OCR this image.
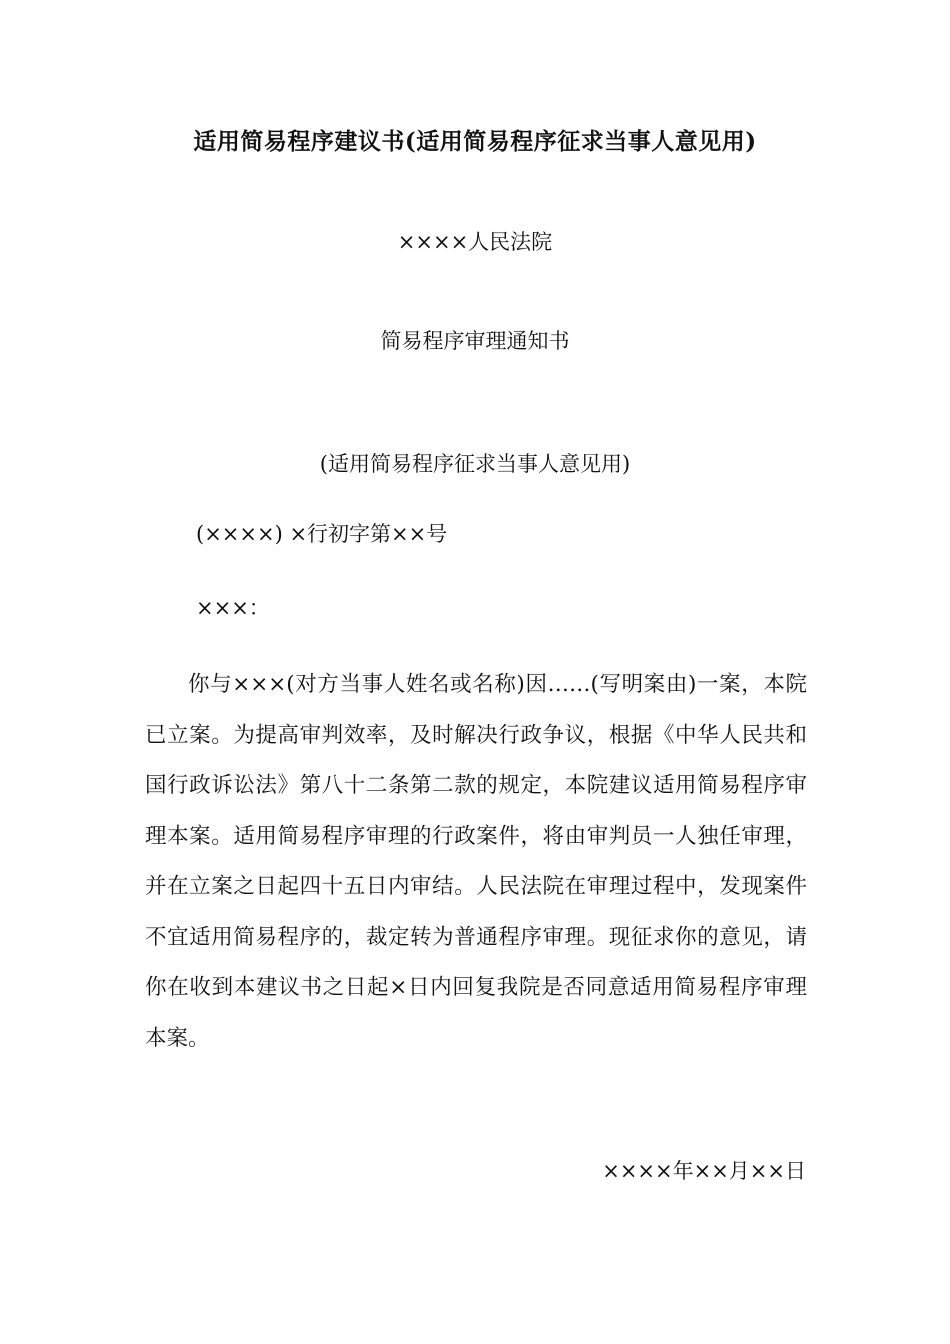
适用简易程序建议书(适用简易程序征求当事人意见用)

××××人民法院

简易程序审理通知书

(适用简易程序征求当事人意见用)

(××××) ×行初字第××号

×××：

你与×××(对方当事人姓名或名称)因……(写明案由)一案，本院已立案。为提高审判效率，及时解决行政争议，根据《中华人民共和国行政诉讼法》第八十二条第二款的规定，本院建议适用简易程序审理本案。适用简易程序审理的行政案件，将由审判员一人独任审理，并在立案之日起四十五日内审结。人民法院在审理过程中，发现案件不宜适用简易程序的，裁定转为普通程序审理。现征求你的意见，请你在收到本建议书之日起×日内回复我院是否同意适用简易程序审理本案。

××××年××月××日
